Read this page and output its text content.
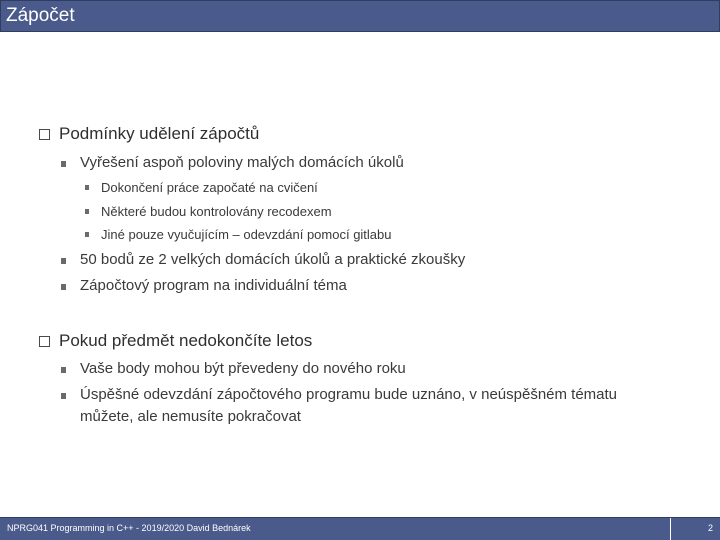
Zápočet
Podmínky udělení zápočtů
Vyřešení aspoň poloviny malých domácích úkolů
Dokončení práce započaté na cvičení
Některé budou kontrolovány recodexem
Jiné pouze vyučujícím – odevzdání pomocí gitlabu
50 bodů ze 2 velkých domácích úkolů a praktické zkoušky
Zápočtový program na individuální téma
Pokud předmět nedokončíte letos
Vaše body mohou být převedeny do nového roku
Úspěšné odevzdání zápočtového programu bude uznáno, v neúspěšném tématu
můžete, ale nemusíte pokračovat
NPRG041 Programming in C++ - 2019/2020 David Bednárek	2
